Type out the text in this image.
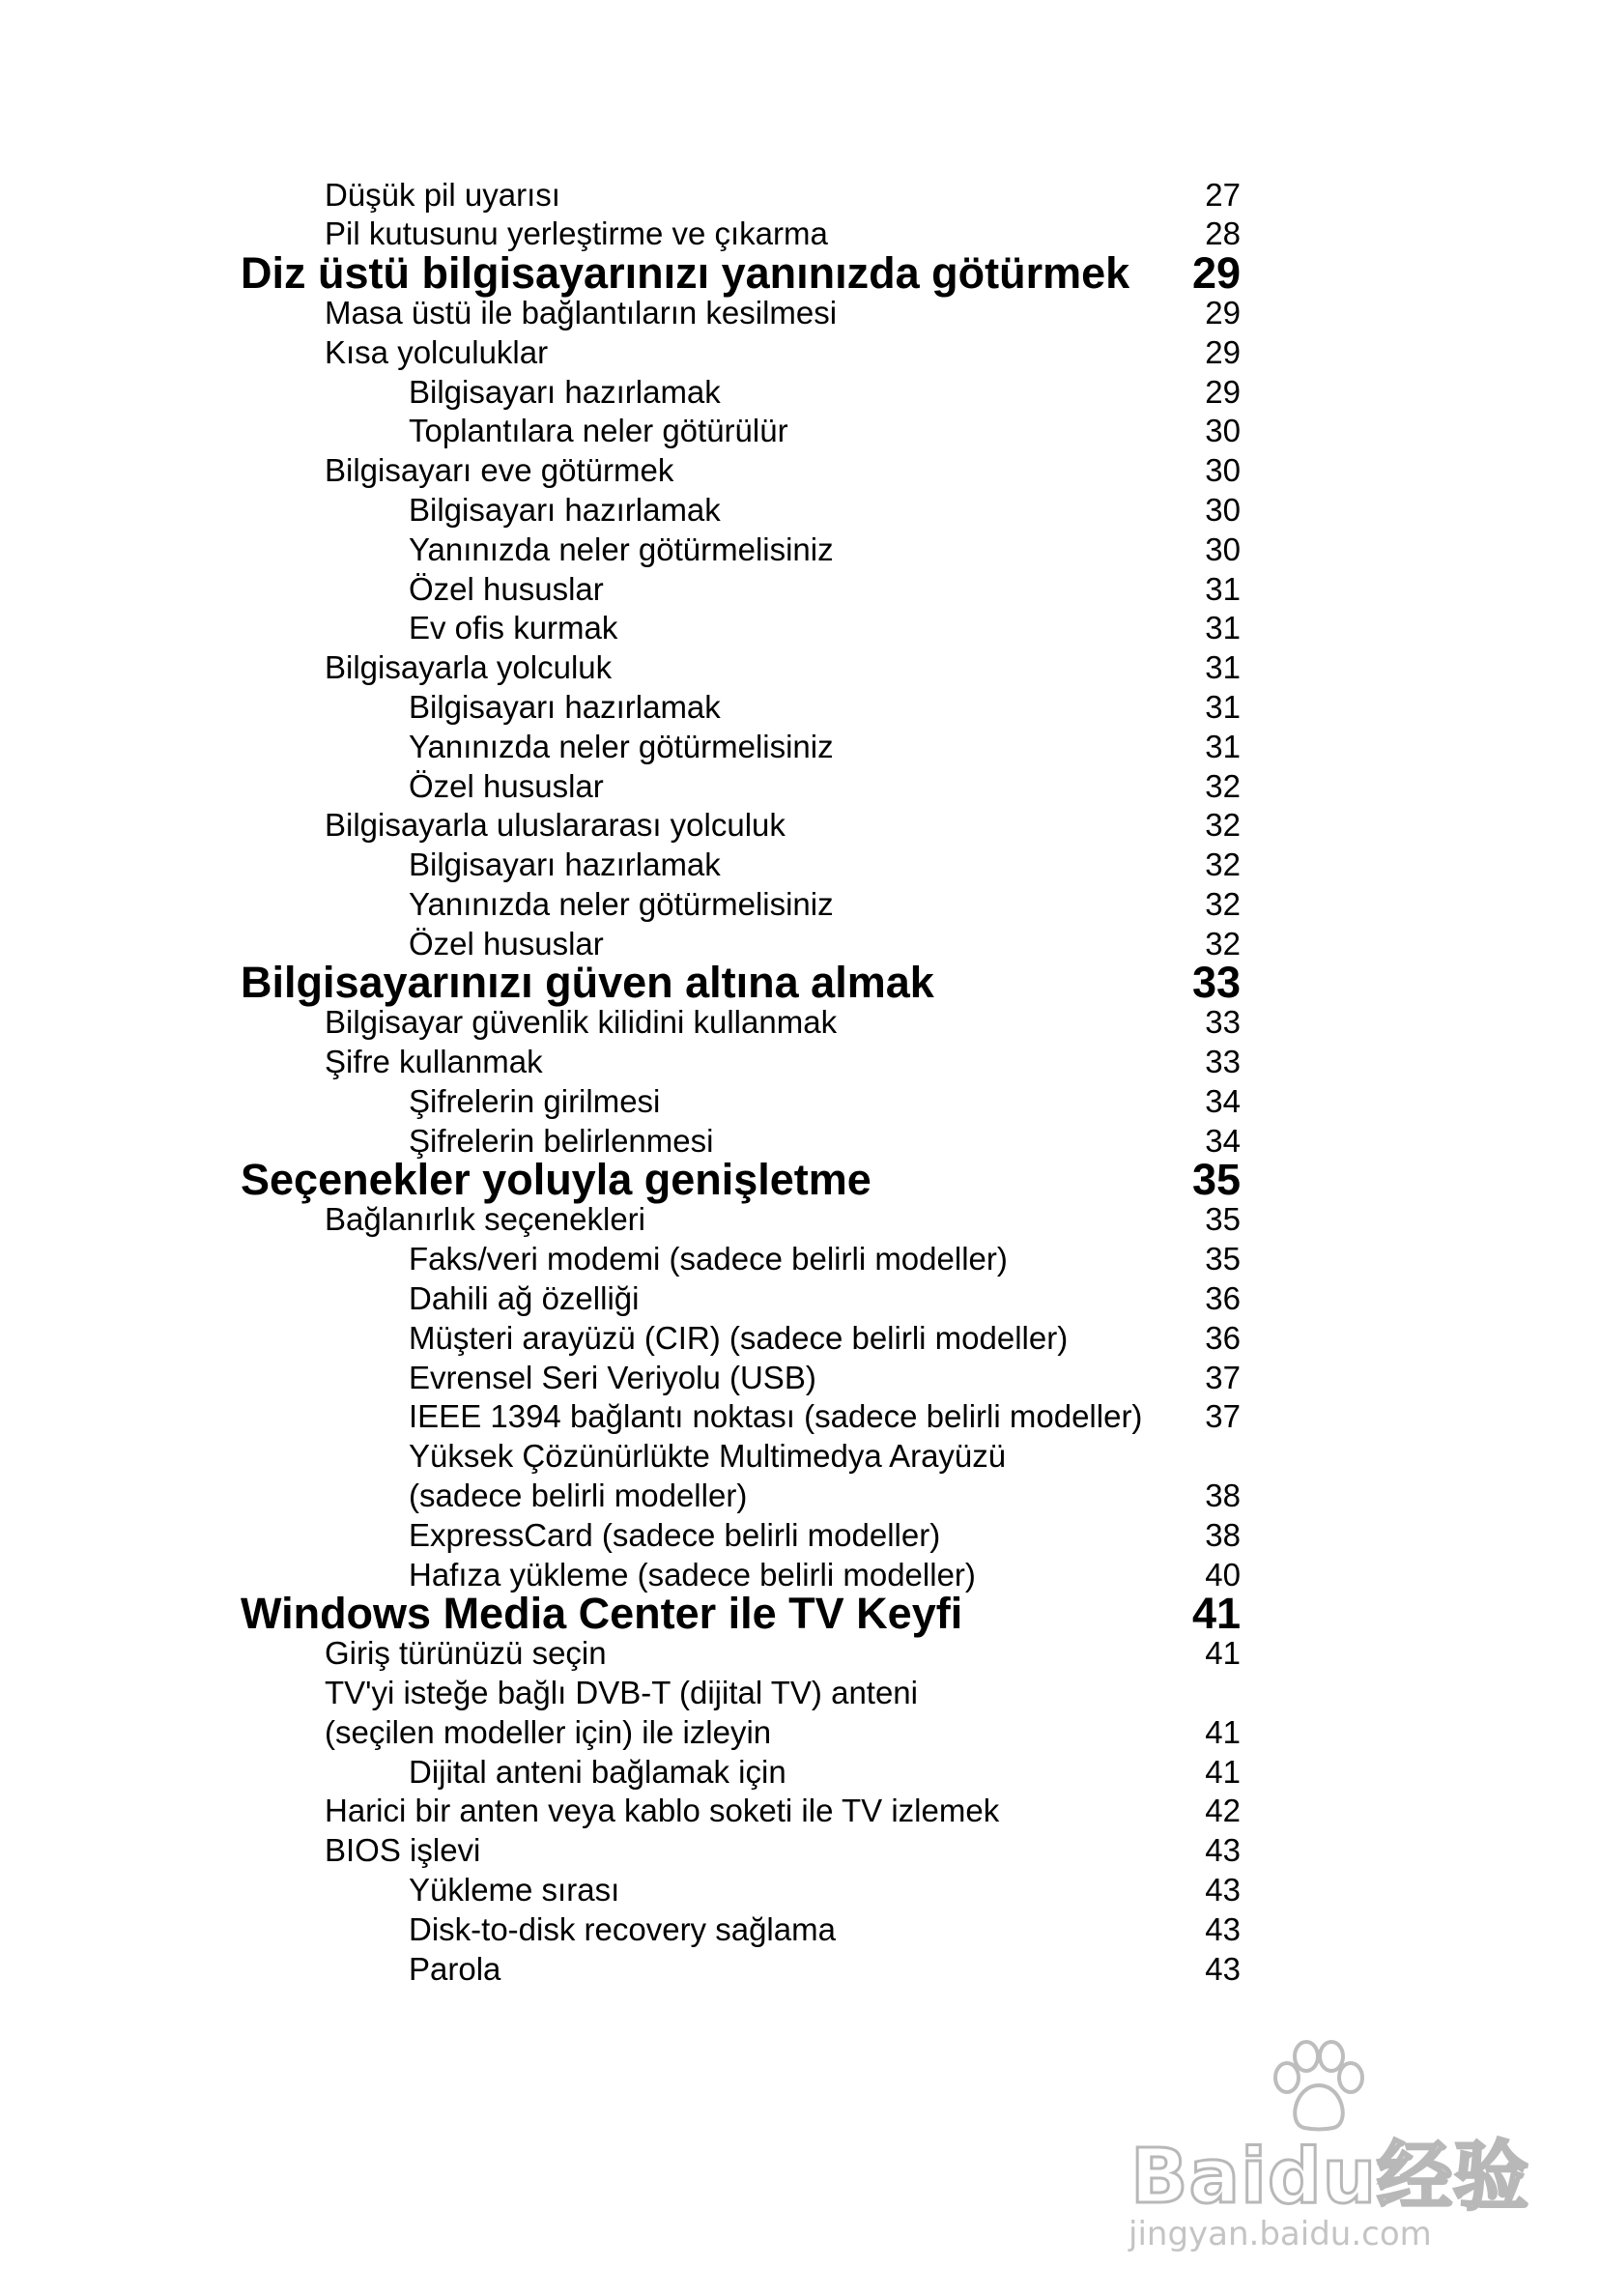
Düşük pil uyarısı	27
Pil kutusunu yerleştirme ve çıkarma	28
Diz üstü bilgisayarınızı yanınızda götürmek 29
Masa üstü ile bağlantıların kesilmesi	29
Kısa yolculuklar	29
Bilgisayarı hazırlamak	29
Toplantılara neler götürülür	30
Bilgisayarı eve götürmek	30
Bilgisayarı hazırlamak	30
Yanınızda neler götürmelisiniz	30
Özel hususlar	31
Ev ofis kurmak	31
Bilgisayarla yolculuk	31
Bilgisayarı hazırlamak	31
Yanınızda neler götürmelisiniz	31
Özel hususlar	32
Bilgisayarla uluslararası yolculuk	32
Bilgisayarı hazırlamak	32
Yanınızda neler götürmelisiniz	32
Özel hususlar	32
Bilgisayarınızı güven altına almak	33
Bilgisayar güvenlik kilidini kullanmak	33
Şifre kullanmak	33
Şifrelerin girilmesi	34
Şifrelerin belirlenmesi	34
Seçenekler yoluyla genişletme	35
Bağlanırlık seçenekleri	35
Faks/veri modemi (sadece belirli modeller)	35
Dahili ağ özelliği	36
Müşteri arayüzü (CIR) (sadece belirli modeller)	36
Evrensel Seri Veriyolu (USB)	37
IEEE 1394 bağlantı noktası (sadece belirli modeller) 37
Yüksek Çözünürlükte Multimedya Arayüzü
(sadece belirli modeller)	38
ExpressCard (sadece belirli modeller)	38
Hafıza yükleme (sadece belirli modeller)	40
Windows Media Center ile TV Keyfi	41
Giriş türünüzü seçin	41
TV'yi isteğe bağlı DVB-T (dijital TV) anteni
(seçilen modeller için) ile izleyin	41
Dijital anteni bağlamak için	41
Harici bir anten veya kablo soketi ile TV izlemek	42
BIOS işlevi	43
Yükleme sırası	43
Disk-to-disk recovery sağlama	43
Parola	43
Baidu经验
jingyan.baidu.com
